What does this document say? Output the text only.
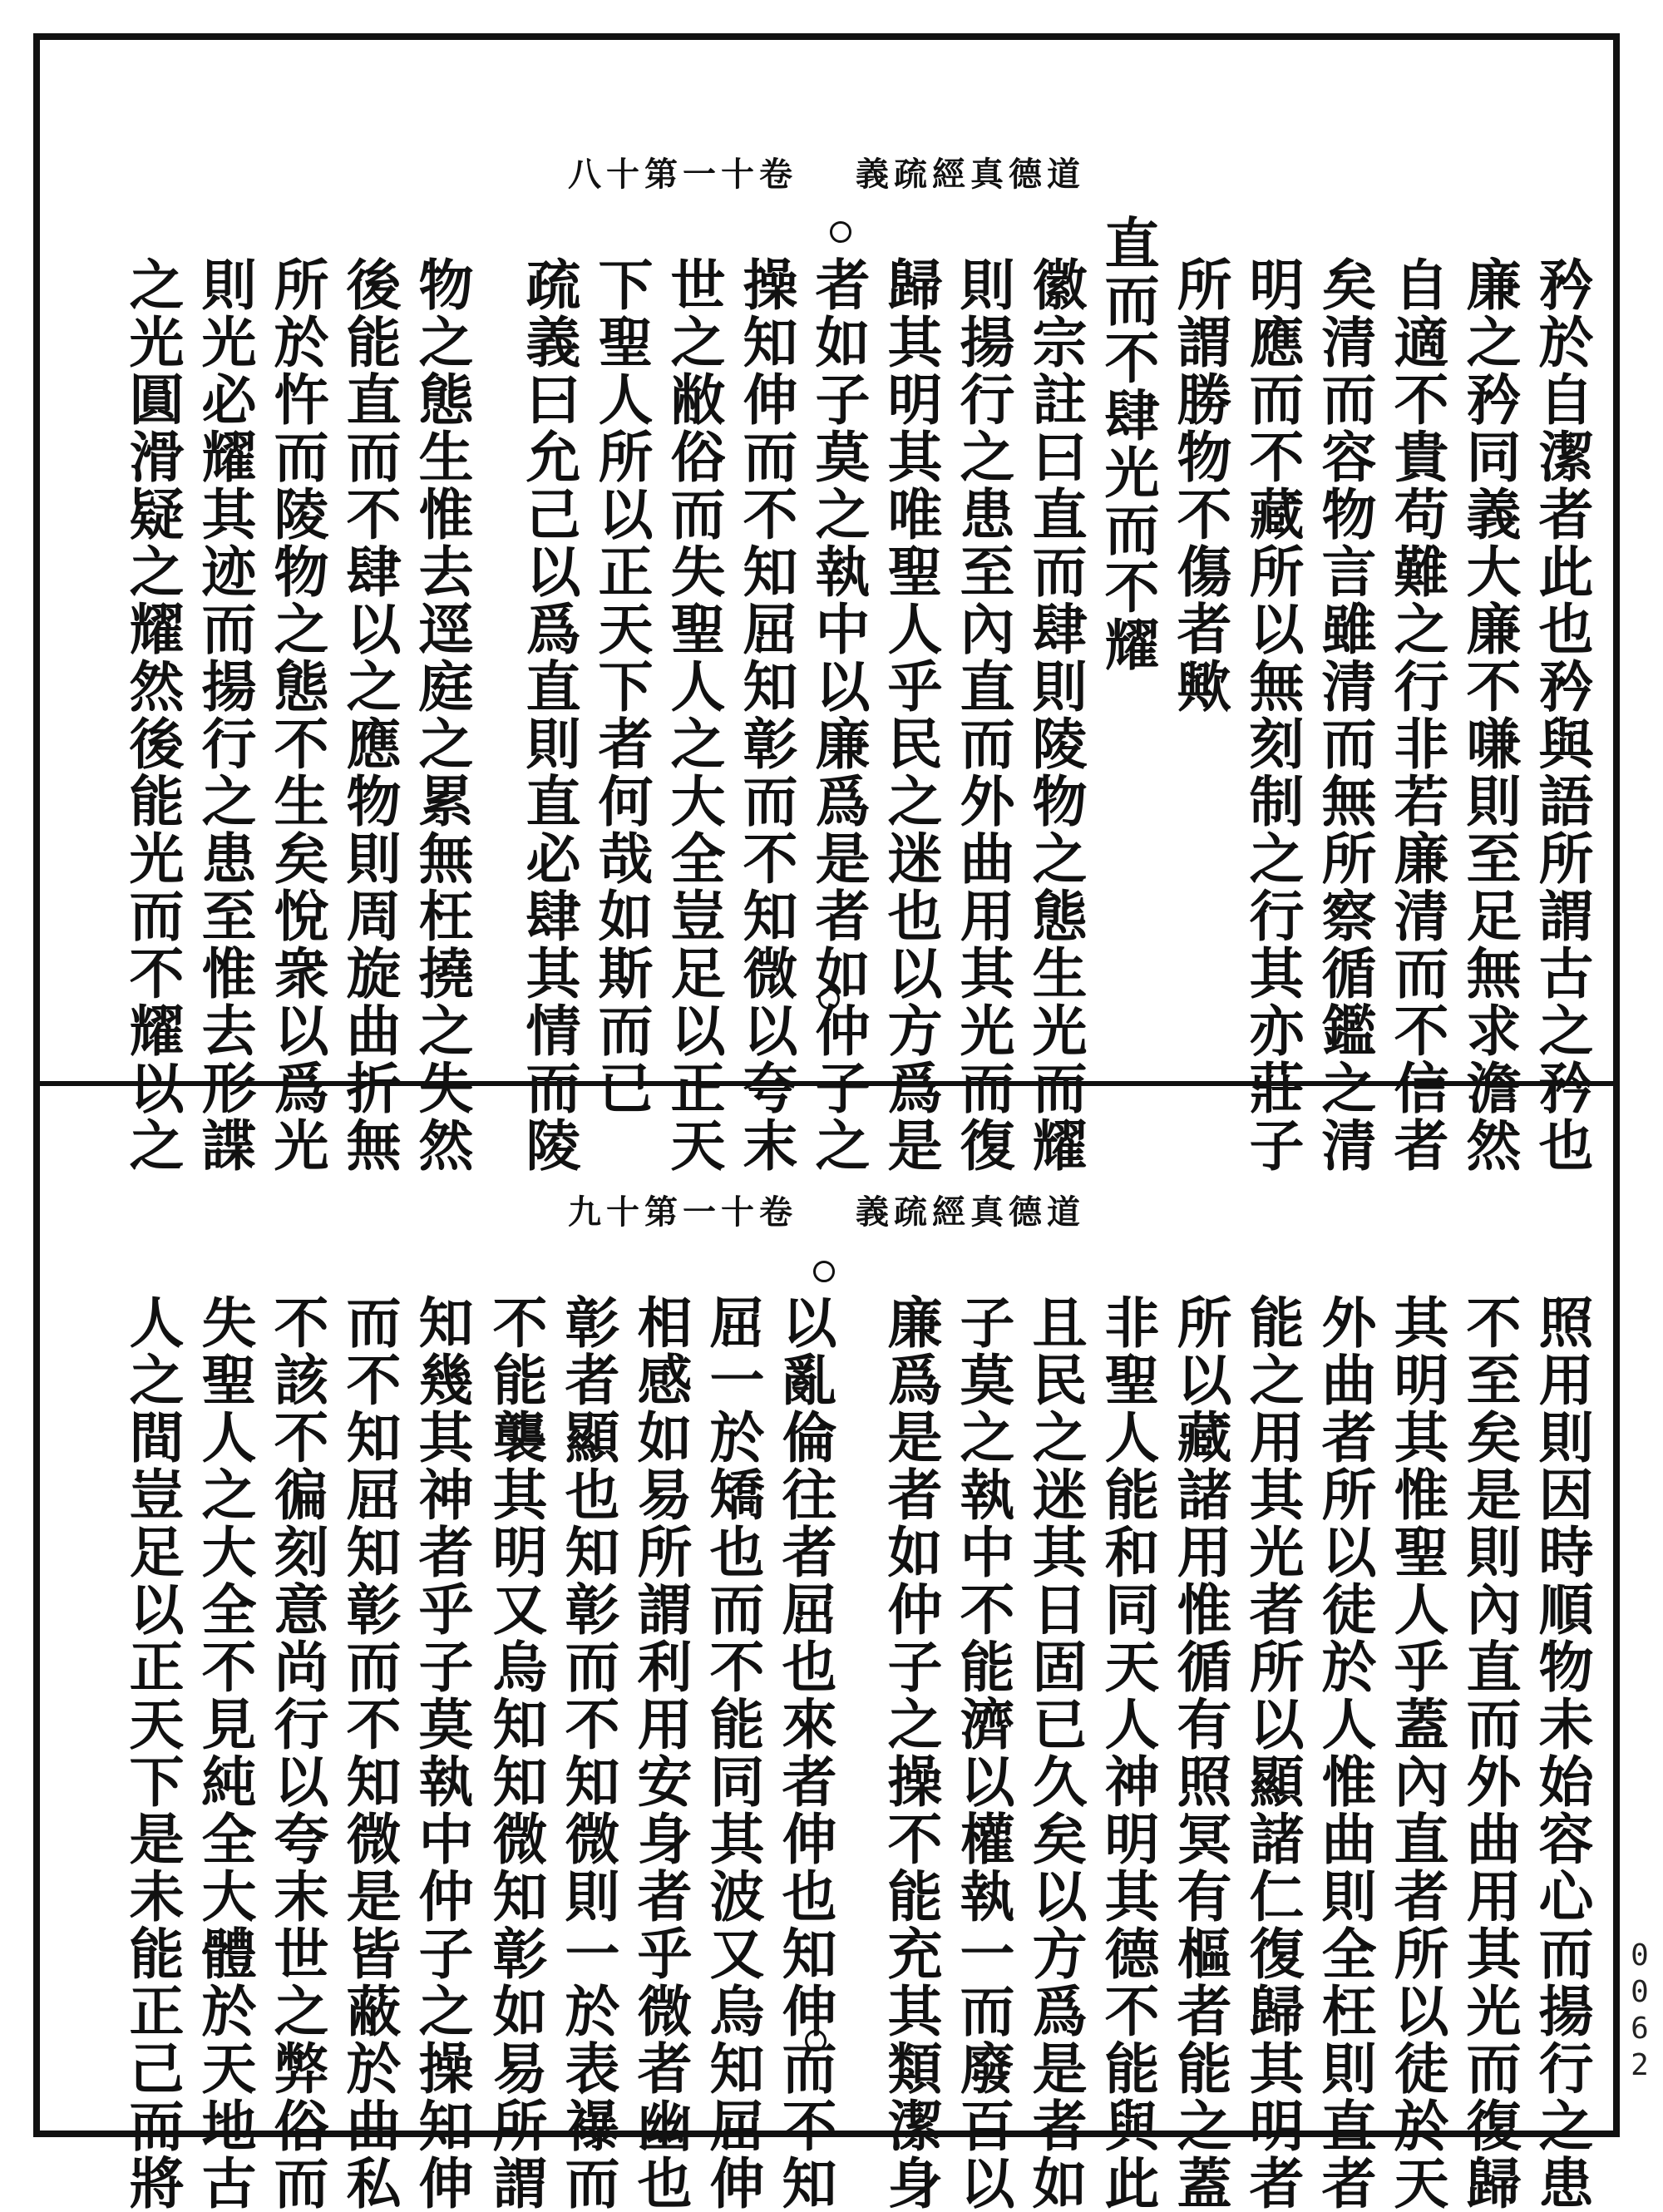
八十第一十卷 義疏經真德道
矜於自潔者此也矜與語所謂古之矜也
廉之矜同義大廉不嗛則至足無求澹然
自適不貴苟難之行非若廉清而不信者
矣清而容物言雖清而無所察循鑑之清
明應而不藏所以無刻制之行其亦莊子
所謂勝物不傷者歟
直而不肆光而不耀
徽宗註曰直而肆則陵物之態生光而耀
則揚行之患至內直而外曲用其光而復
歸其明其唯聖人乎民之迷也以方爲是
者如子莫之執中以廉爲是者如仲子之
操知伸而不知屈知彰而不知微以夸末
世之敝俗而失聖人之大全豈足以正天
下聖人所以正天下者何哉如斯而已
疏義曰允己以爲直則直必肆其情而陵
物之態生惟去逕庭之累無枉撓之失然
後能直而不肆以之應物則周旋曲折無
所於忤而陵物之態不生矣悅衆以爲光
則光必耀其迹而揚行之患至惟去形諜
之光圓滑疑之耀然後能光而不耀以之
九十第一十卷 義疏經真德道
照用則因時順物未始容心而揚行之患
不至矣是則內直而外曲用其光而復歸
其明其惟聖人乎蓋內直者所以徒於天
外曲者所以徒於人惟曲則全枉則直者
能之用其光者所以顯諸仁復歸其明者
所以藏諸用惟循有照冥有樞者能之蓋
非聖人能和同天人神明其德不能與此
且民之迷其日固已久矣以方爲是者如
子莫之執中不能濟以權執一而廢百以
廉爲是者如仲子之操不能充其類潔身
以亂倫往者屈也來者伸也知伸而不知
屈一於矯也而不能同其波又烏知屈伸
相感如易所謂利用安身者乎微者幽也
彰者顯也知彰而不知微則一於表襮而
不能襲其明又烏知知微知彰如易所謂
知幾其神者乎子莫執中仲子之操知伸
而不知屈知彰而不知微是皆蔽於曲私
不該不徧刻意尚行以夸末世之弊俗而
失聖人之大全不見純全大體於天地古
人之間豈足以正天下是未能正己而將	0
0
6
2
